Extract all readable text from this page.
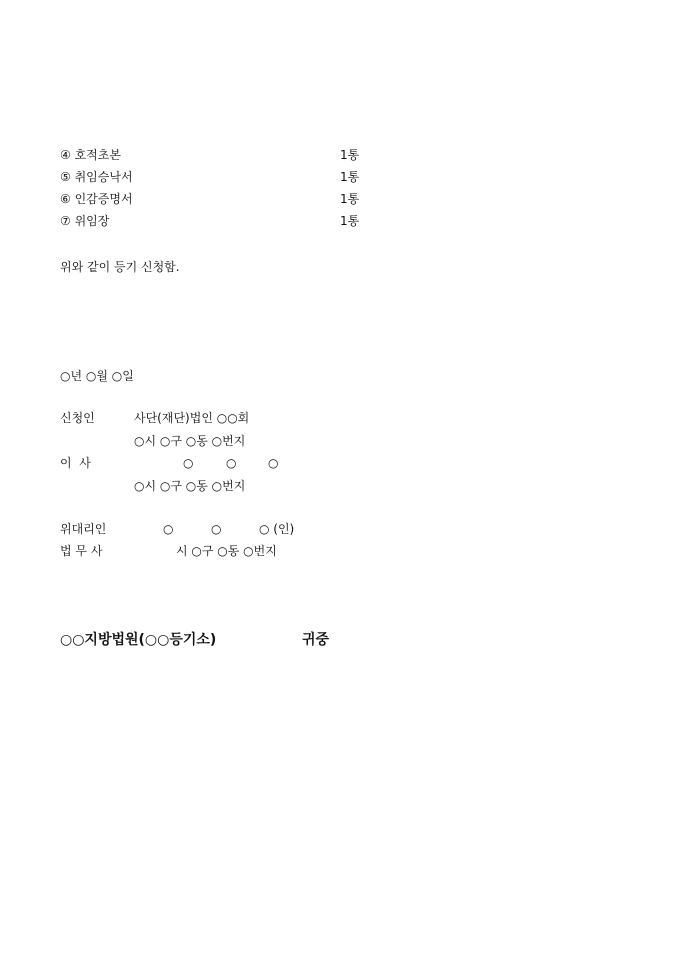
④ 호적초본	1통
⑤ 취임승낙서	1통
⑥ 인감증명서	1통
⑦ 위임장	1통
위와 같이 등기 신청함.
○년 ○월 ○일
신청인	사단(재단)법인 ○○회
○시 ○구 ○동 ○번지
이  사	○	○	○
○시 ○구 ○동 ○번지
위대리인	○	○	○ (인)
법 무 사	시 ○구 ○동 ○번지
○○지방법원(○○등기소)	귀중
